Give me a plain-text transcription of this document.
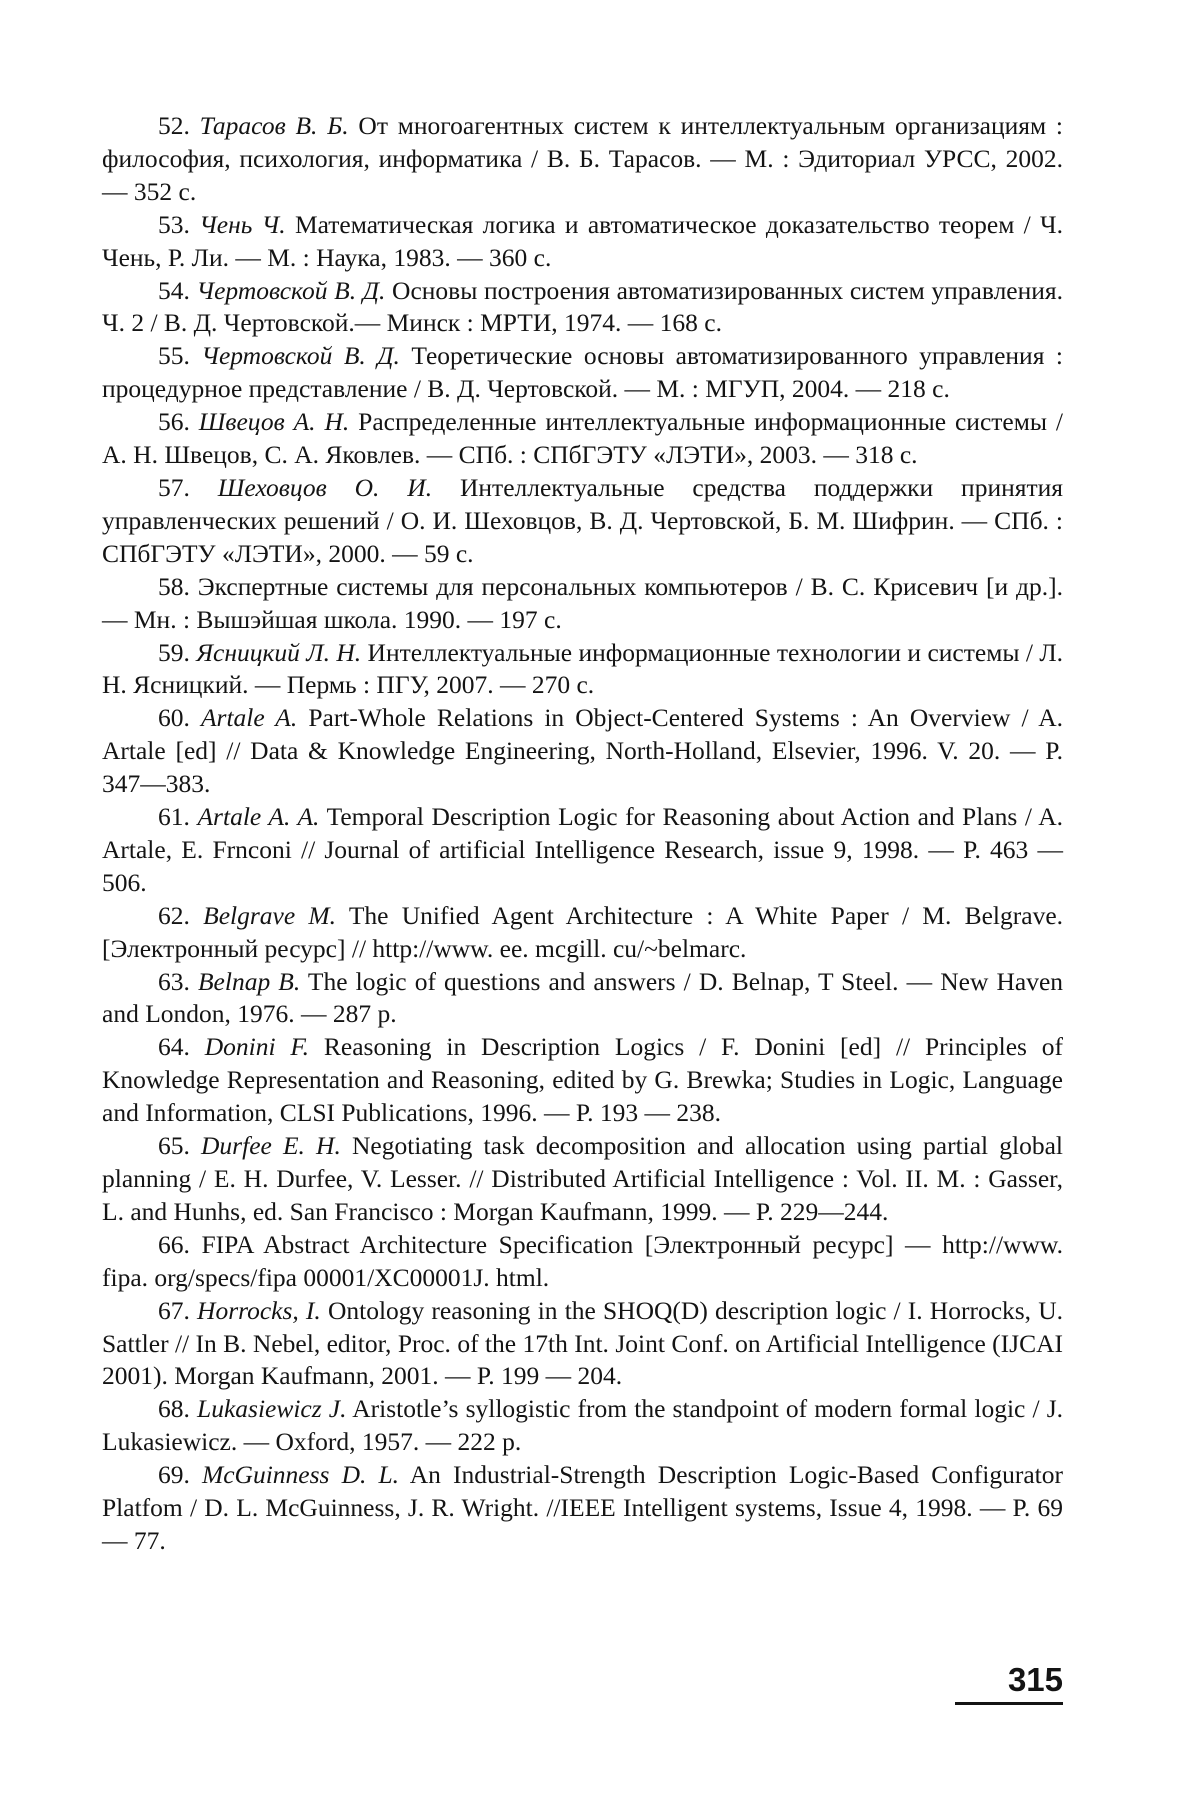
52. Тарасов В. Б. От многоагентных систем к интеллектуальным организациям : философия, психология, информатика / В. Б. Тарасов. — М. : Эдиториал УРСС, 2002. — 352 с.

53. Чень Ч. Математическая логика и автоматическое доказательство теорем / Ч. Чень, Р. Ли. — М. : Наука, 1983. — 360 с.

54. Чертовской В. Д. Основы построения автоматизированных систем управления. Ч. 2 / В. Д. Чертовской.— Минск : МРТИ, 1974. — 168 с.

55. Чертовской В. Д. Теоретические основы автоматизированного управления : процедурное представление / В. Д. Чертовской. — М. : МГУП, 2004. — 218 с.

56. Швецов А. Н. Распределенные интеллектуальные информационные системы / А. Н. Швецов, С. А. Яковлев. — СПб. : СПбГЭТУ «ЛЭТИ», 2003. — 318 с.

57. Шеховцов О. И. Интеллектуальные средства поддержки принятия управленческих решений / О. И. Шеховцов, В. Д. Чертовской, Б. М. Шифрин. — СПб. : СПбГЭТУ «ЛЭТИ», 2000. — 59 с.

58. Экспертные системы для персональных компьютеров / В. С. Крисевич [и др.]. — Мн. : Вышэйшая школа. 1990. — 197 с.

59. Ясницкий Л. Н. Интеллектуальные информационные технологии и системы / Л. Н. Ясницкий. — Пермь : ПГУ, 2007. — 270 с.

60. Artale A. Part-Whole Relations in Object-Centered Systems : An Overview / A. Artale [ed] // Data & Knowledge Engineering, North-Holland, Elsevier, 1996. V. 20. — P. 347—383.

61. Artale A. A. Temporal Description Logic for Reasoning about Action and Plans / A. Artale, E. Frnconi // Journal of artificial Intelligence Research, issue 9, 1998. — P. 463 — 506.

62. Belgrave M. The Unified Agent Architecture : A White Paper / M. Belgrave. [Электронный ресурс] // http://www. ee. mcgill. cu/~belmarc.

63. Belnap B. The logic of questions and answers / D. Belnap, T Steel. — New Haven and London, 1976. — 287 p.

64. Donini F. Reasoning in Description Logics / F. Donini [ed] // Principles of Knowledge Representation and Reasoning, edited by G. Brewka; Studies in Logic, Language and Information, CLSI Publications, 1996. — P. 193 — 238.

65. Durfee E. H. Negotiating task decomposition and allocation using partial global planning / E. H. Durfee, V. Lesser. // Distributed Artificial Intelligence : Vol. II. M. : Gasser, L. and Hunhs, ed. San Francisco : Morgan Kaufmann, 1999. — P. 229—244.

66. FIPA Abstract Architecture Specification [Электронный ресурс] — http://www. fipa. org/specs/fipa 00001/XC00001J. html.

67. Horrocks, I. Ontology reasoning in the SHOQ(D) description logic / I. Horrocks, U. Sattler // In B. Nebel, editor, Proc. of the 17th Int. Joint Conf. on Artificial Intelligence (IJCAI 2001). Morgan Kaufmann, 2001. — P. 199 — 204.

68. Lukasiewicz J. Aristotle’s syllogistic from the standpoint of modern formal logic / J. Lukasiewicz. — Oxford, 1957. — 222 p.

69. McGuinness D. L. An Industrial-Strength Description Logic-Based Configurator Platfom / D. L. McGuinness, J. R. Wright. //IEEE Intelligent systems, Issue 4, 1998. — P. 69 — 77.

315
